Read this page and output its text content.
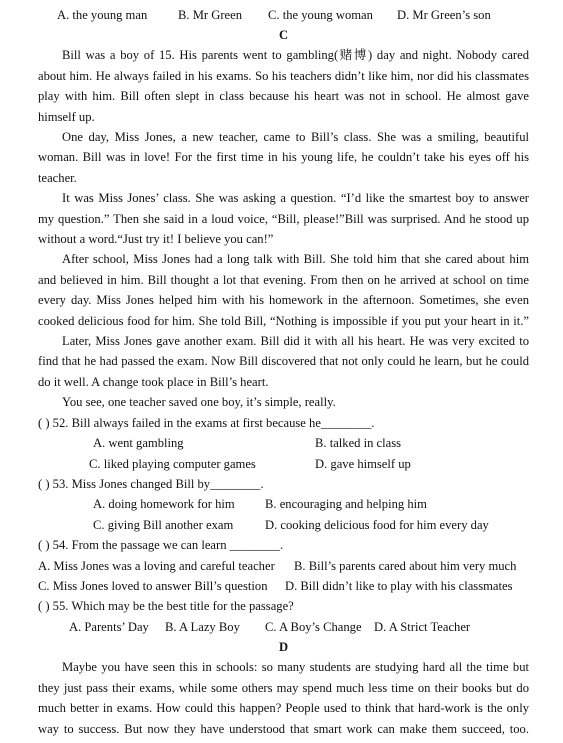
A. the young man B. Mr Green C. the young woman D. Mr Green’s son
C
Bill was a boy of 15. His parents went to gambling(赌博) day and night. Nobody cared
about him. He always failed in his exams. So his teachers didn’t like him, nor did his classmates
play with him. Bill often slept in class because his heart was not in school. He almost gave
himself up.
One day, Miss Jones, a new teacher, came to Bill’s class. She was a smiling, beautiful
woman. Bill was in love! For the first time in his young life, he couldn’t take his eyes off his
teacher.
It was Miss Jones’ class. She was asking a question. “I’d like the smartest boy to answer
my question.” Then she said in a loud voice, “Bill, please!”Bill was surprised. And he stood up
without a word.“Just try it! I believe you can!”
After school, Miss Jones had a long talk with Bill. She told him that she cared about him
and believed in him. Bill thought a lot that evening. From then on he arrived at school on time
every day. Miss Jones helped him with his homework in the afternoon. Sometimes, she even
cooked delicious food for him. She told Bill, “Nothing is impossible if you put your heart in it.”
Later, Miss Jones gave another exam. Bill did it with all his heart. He was very excited to
find that he had passed the exam. Now Bill discovered that not only could he learn, but he could
do it well. A change took place in Bill’s heart.
You see, one teacher saved one boy, it’s simple, really.
( ) 52. Bill always failed in the exams at first because he________.
A. went gambling	B. talked in class
C. liked playing computer games	D. gave himself up
( ) 53. Miss Jones changed Bill by________.
A. doing homework for him B. encouraging and helping him
C. giving Bill another exam	D. cooking delicious food for him every day
( ) 54. From the passage we can learn ________.
A. Miss Jones was a loving and careful teacher B. Bill’s parents cared about him very much
C. Miss Jones loved to answer Bill’s question D. Bill didn’t like to play with his classmates
( ) 55. Which may be the best title for the passage?
A. Parents’ Day B. A Lazy Boy C. A Boy’s Change D. A Strict Teacher
D
Maybe you have seen this in schools: so many students are studying hard all the time but
they just pass their exams, while some others may spend much less time on their books but do
much better in exams. How could this happen? People used to think that hard-work is the only
way to success. But now they have understood that smart work can make them succeed, too.
